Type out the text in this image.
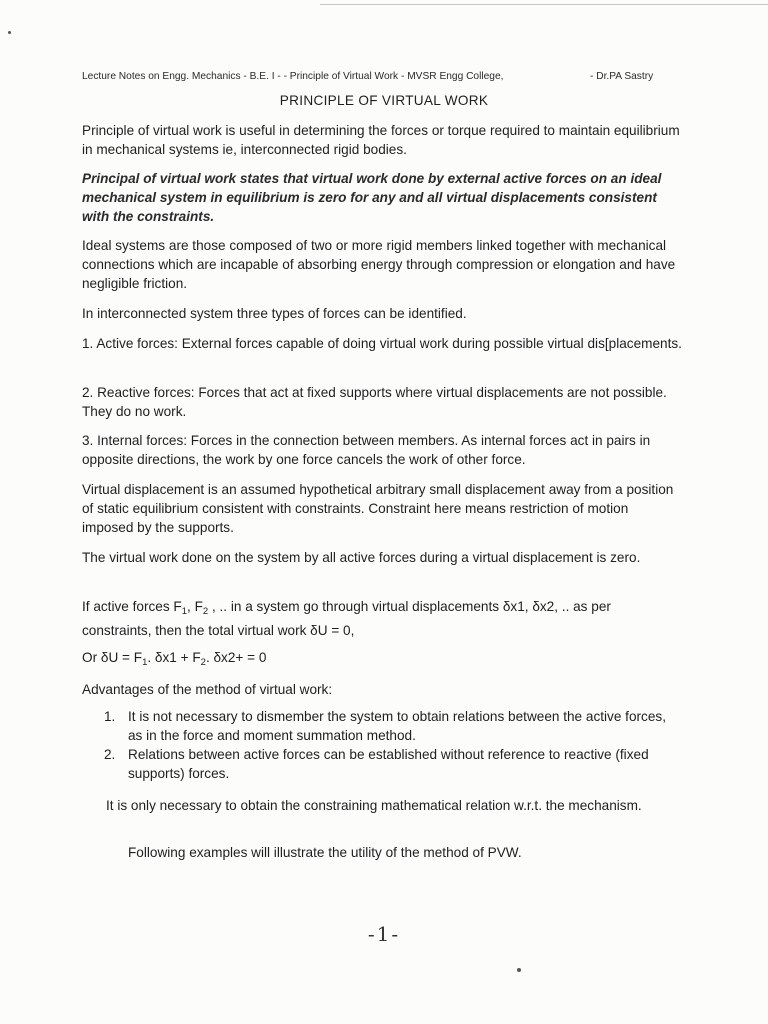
Lecture Notes on Engg. Mechanics - B.E. I - - Principle of Virtual Work - MVSR Engg College,	- Dr.PA Sastry
PRINCIPLE OF VIRTUAL WORK

Principle of virtual work is useful in determining the forces or torque required to maintain equilibrium in mechanical systems ie, interconnected rigid bodies.

Principal of virtual work states that virtual work done by external active forces on an ideal mechanical system in equilibrium is zero for any and all virtual displacements consistent with the constraints.

Ideal systems are those composed of two or more rigid members linked together with mechanical connections which are incapable of absorbing energy through compression or elongation and have negligible friction.

In interconnected system three types of forces can be identified.

1. Active forces: External forces capable of doing virtual work during possible virtual dis[placements.

2. Reactive forces: Forces that act at fixed supports where virtual displacements are not possible. They do no work.

3. Internal forces: Forces in the connection between members. As internal forces act in pairs in opposite directions, the work by one force cancels the work of other force.

Virtual displacement is an assumed hypothetical arbitrary small displacement away from a position of static equilibrium consistent with constraints. Constraint here means restriction of motion imposed by the supports.

The virtual work done on the system by all active forces during a virtual displacement is zero.

If active forces $F_1$, $F_2$ , .. in a system go through virtual displacements δx1, δx2, .. as per constraints, then the total virtual work δU = 0,

Or $\delta U = F_1$. $\delta x1 + F_2$. δx2+ = 0

Advantages of the method of virtual work:

1. It is not necessary to dismember the system to obtain relations between the active forces, as in the force and moment summation method.
2. Relations between active forces can be established without reference to reactive (fixed supports) forces.

It is only necessary to obtain the constraining mathematical relation w.r.t. the mechanism.

Following examples will illustrate the utility of the method of PVW.

-1-
